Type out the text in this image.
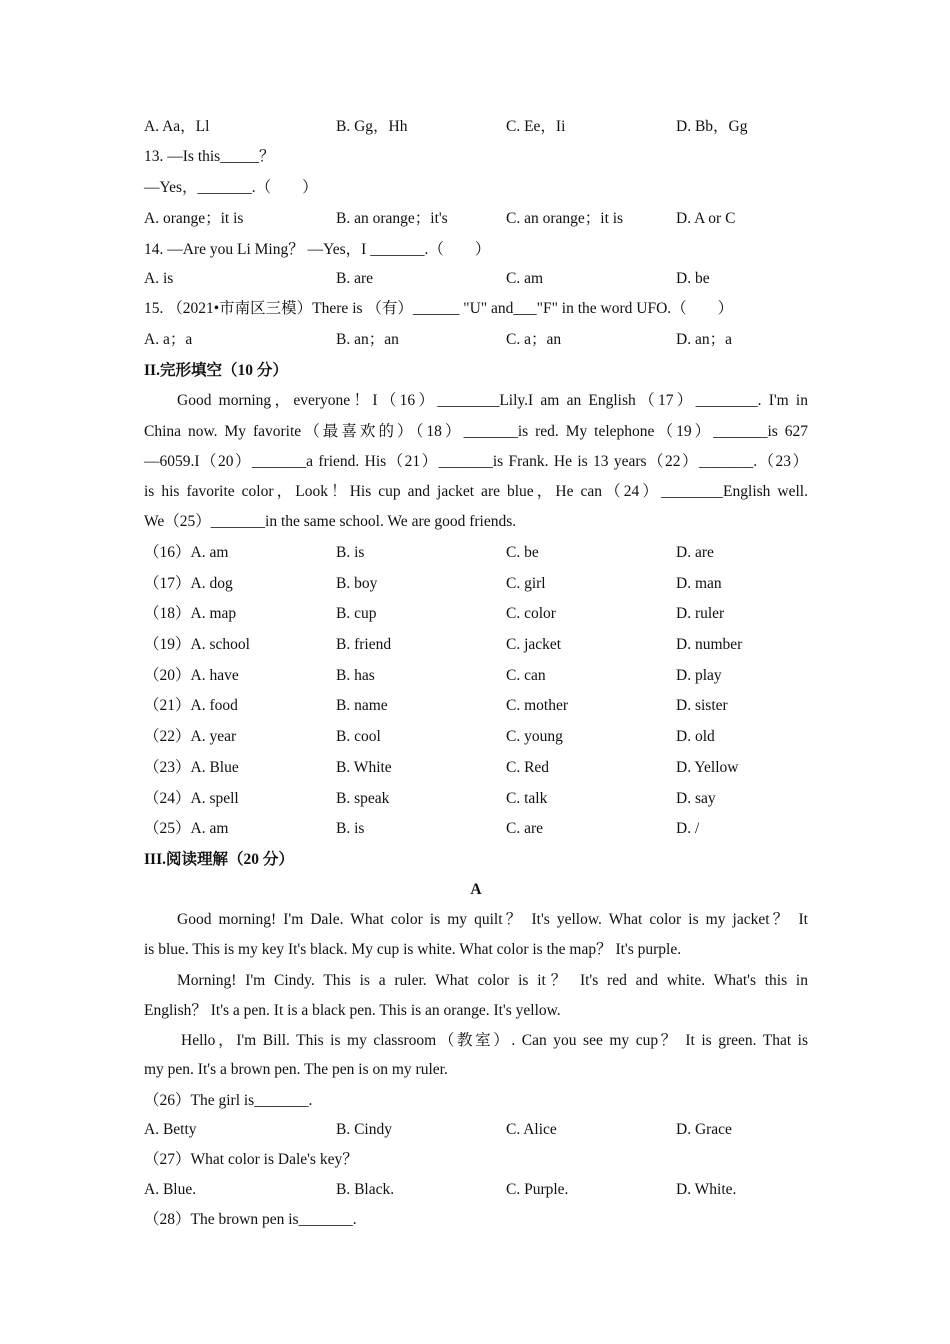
A. Aa，Ll	B. Gg，Hh	C. Ee，Ii	D. Bb，Gg
13. —Is this_____？
—Yes，_______.（　　）
A. orange；it is	B. an orange；it's	C. an orange；it is	D. A or C
14. —Are you Li Ming？ —Yes，I _______.（　　）
A. is	B. are	C. am	D. be
15. （2021•市南区三模）There is （有）______ "U" and___"F" in the word UFO.（　　）
A. a；a	B. an；an	C. a；an	D. an；a
II.完形填空（10 分）
Good morning，everyone！I（16）________Lily.I am an English（17）________. I'm in
China now. My favorite（最喜欢的）（18）_______is red. My telephone（19）_______is 627
—6059.I（20）_______a friend. His（21）_______is Frank. He is 13 years（22）_______.（23）
is his favorite color，Look！His cup and jacket are blue，He can（24）________English well.
We（25）_______in the same school. We are good friends.
（16）A. am	B. is	C. be	D. are
（17）A. dog	B. boy	C. girl	D. man
（18）A. map	B. cup	C. color	D. ruler
（19）A. school	B. friend	C. jacket	D. number
（20）A. have	B. has	C. can	D. play
（21）A. food	B. name	C. mother	D. sister
（22）A. year	B. cool	C. young	D. old
（23）A. Blue	B. White	C. Red	D. Yellow
（24）A. spell	B. speak	C. talk	D. say
（25）A. am	B. is	C. are	D. /
III.阅读理解（20 分）
A
Good morning! I'm Dale. What color is my quilt？ It's yellow. What color is my jacket？ It
is blue. This is my key It's black. My cup is white. What color is the map？ It's purple.
Morning! I'm Cindy. This is a ruler. What color is it？ It's red and white. What's this in
English？ It's a pen. It is a black pen. This is an orange. It's yellow.
Hello，I'm Bill. This is my classroom（教室）. Can you see my cup？ It is green. That is
my pen. It's a brown pen. The pen is on my ruler.
（26）The girl is_______.
A. Betty	B. Cindy	C. Alice	D. Grace
（27）What color is Dale's key？
A. Blue.	B. Black.	C. Purple.	D. White.
（28）The brown pen is_______.
